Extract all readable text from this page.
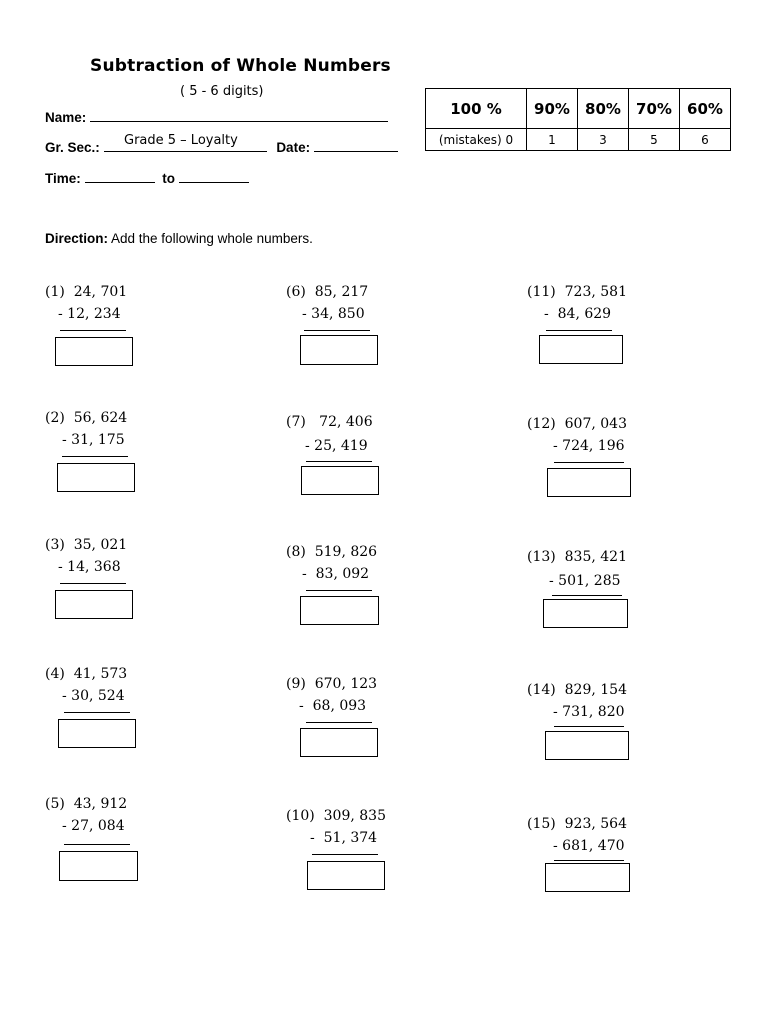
Subtraction of Whole Numbers
( 5 - 6 digits)
Name:
Gr. Sec.:	Date:
Grade 5 – Loyalty
Time:	to
100 %	90%	80%	70%	60%
(mistakes) 0	1	3	5	6
Direction: Add the following whole numbers.
(1)  24, 701
- 12, 234
(2)  56, 624
- 31, 175
(3)  35, 021
- 14, 368
(4)  41, 573
- 30, 524
(5)  43, 912
- 27, 084
(6)  85, 217
- 34, 850
(7)   72, 406
- 25, 419
(8)  519, 826
-  83, 092
(9)  670, 123
-  68, 093
(10)  309, 835
-  51, 374
(11)  723, 581
-  84, 629
(12)  607, 043
- 724, 196
(13)  835, 421
- 501, 285
(14)  829, 154
- 731, 820
(15)  923, 564
- 681, 470
